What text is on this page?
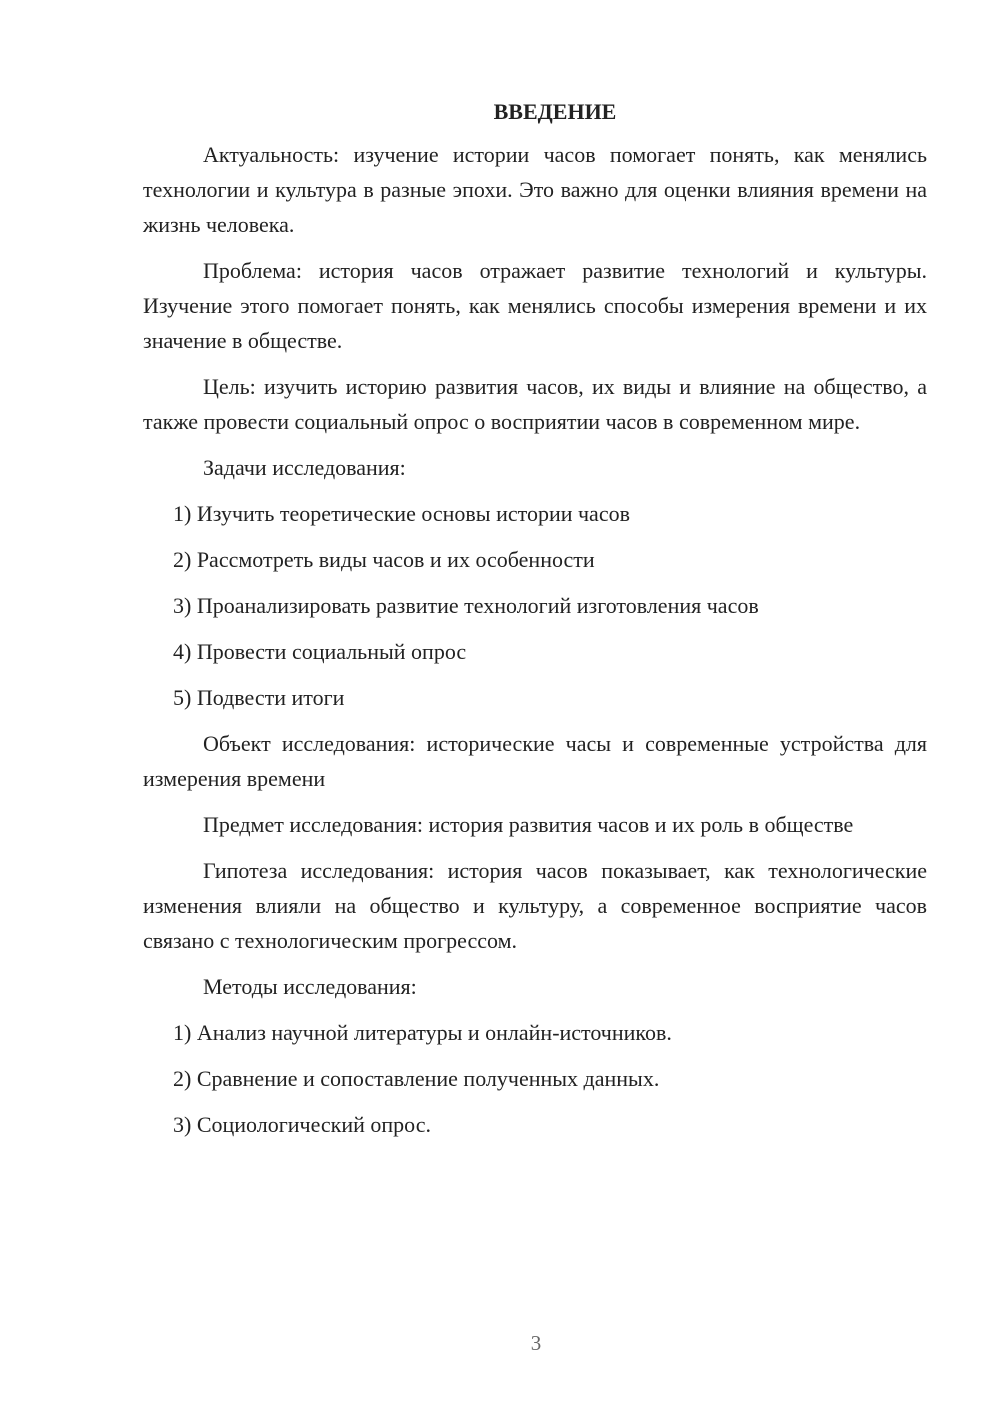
ВВЕДЕНИЕ

Актуальность: изучение истории часов помогает понять, как менялись технологии и культура в разные эпохи. Это важно для оценки влияния времени на жизнь человека.

Проблема: история часов отражает развитие технологий и культуры. Изучение этого помогает понять, как менялись способы измерения времени и их значение в обществе.

Цель: изучить историю развития часов, их виды и влияние на общество, а также провести социальный опрос о восприятии часов в современном мире.

Задачи исследования:

1) Изучить теоретические основы истории часов
2) Рассмотреть виды часов и их особенности
3) Проанализировать развитие технологий изготовления часов
4) Провести социальный опрос
5) Подвести итоги

Объект исследования: исторические часы и современные устройства для измерения времени

Предмет исследования: история развития часов и их роль в обществе

Гипотеза исследования: история часов показывает, как технологические изменения влияли на общество и культуру, а современное восприятие часов связано с технологическим прогрессом.

Методы исследования:

1) Анализ научной литературы и онлайн-источников.
2) Сравнение и сопоставление полученных данных.
3) Социологический опрос.
3
